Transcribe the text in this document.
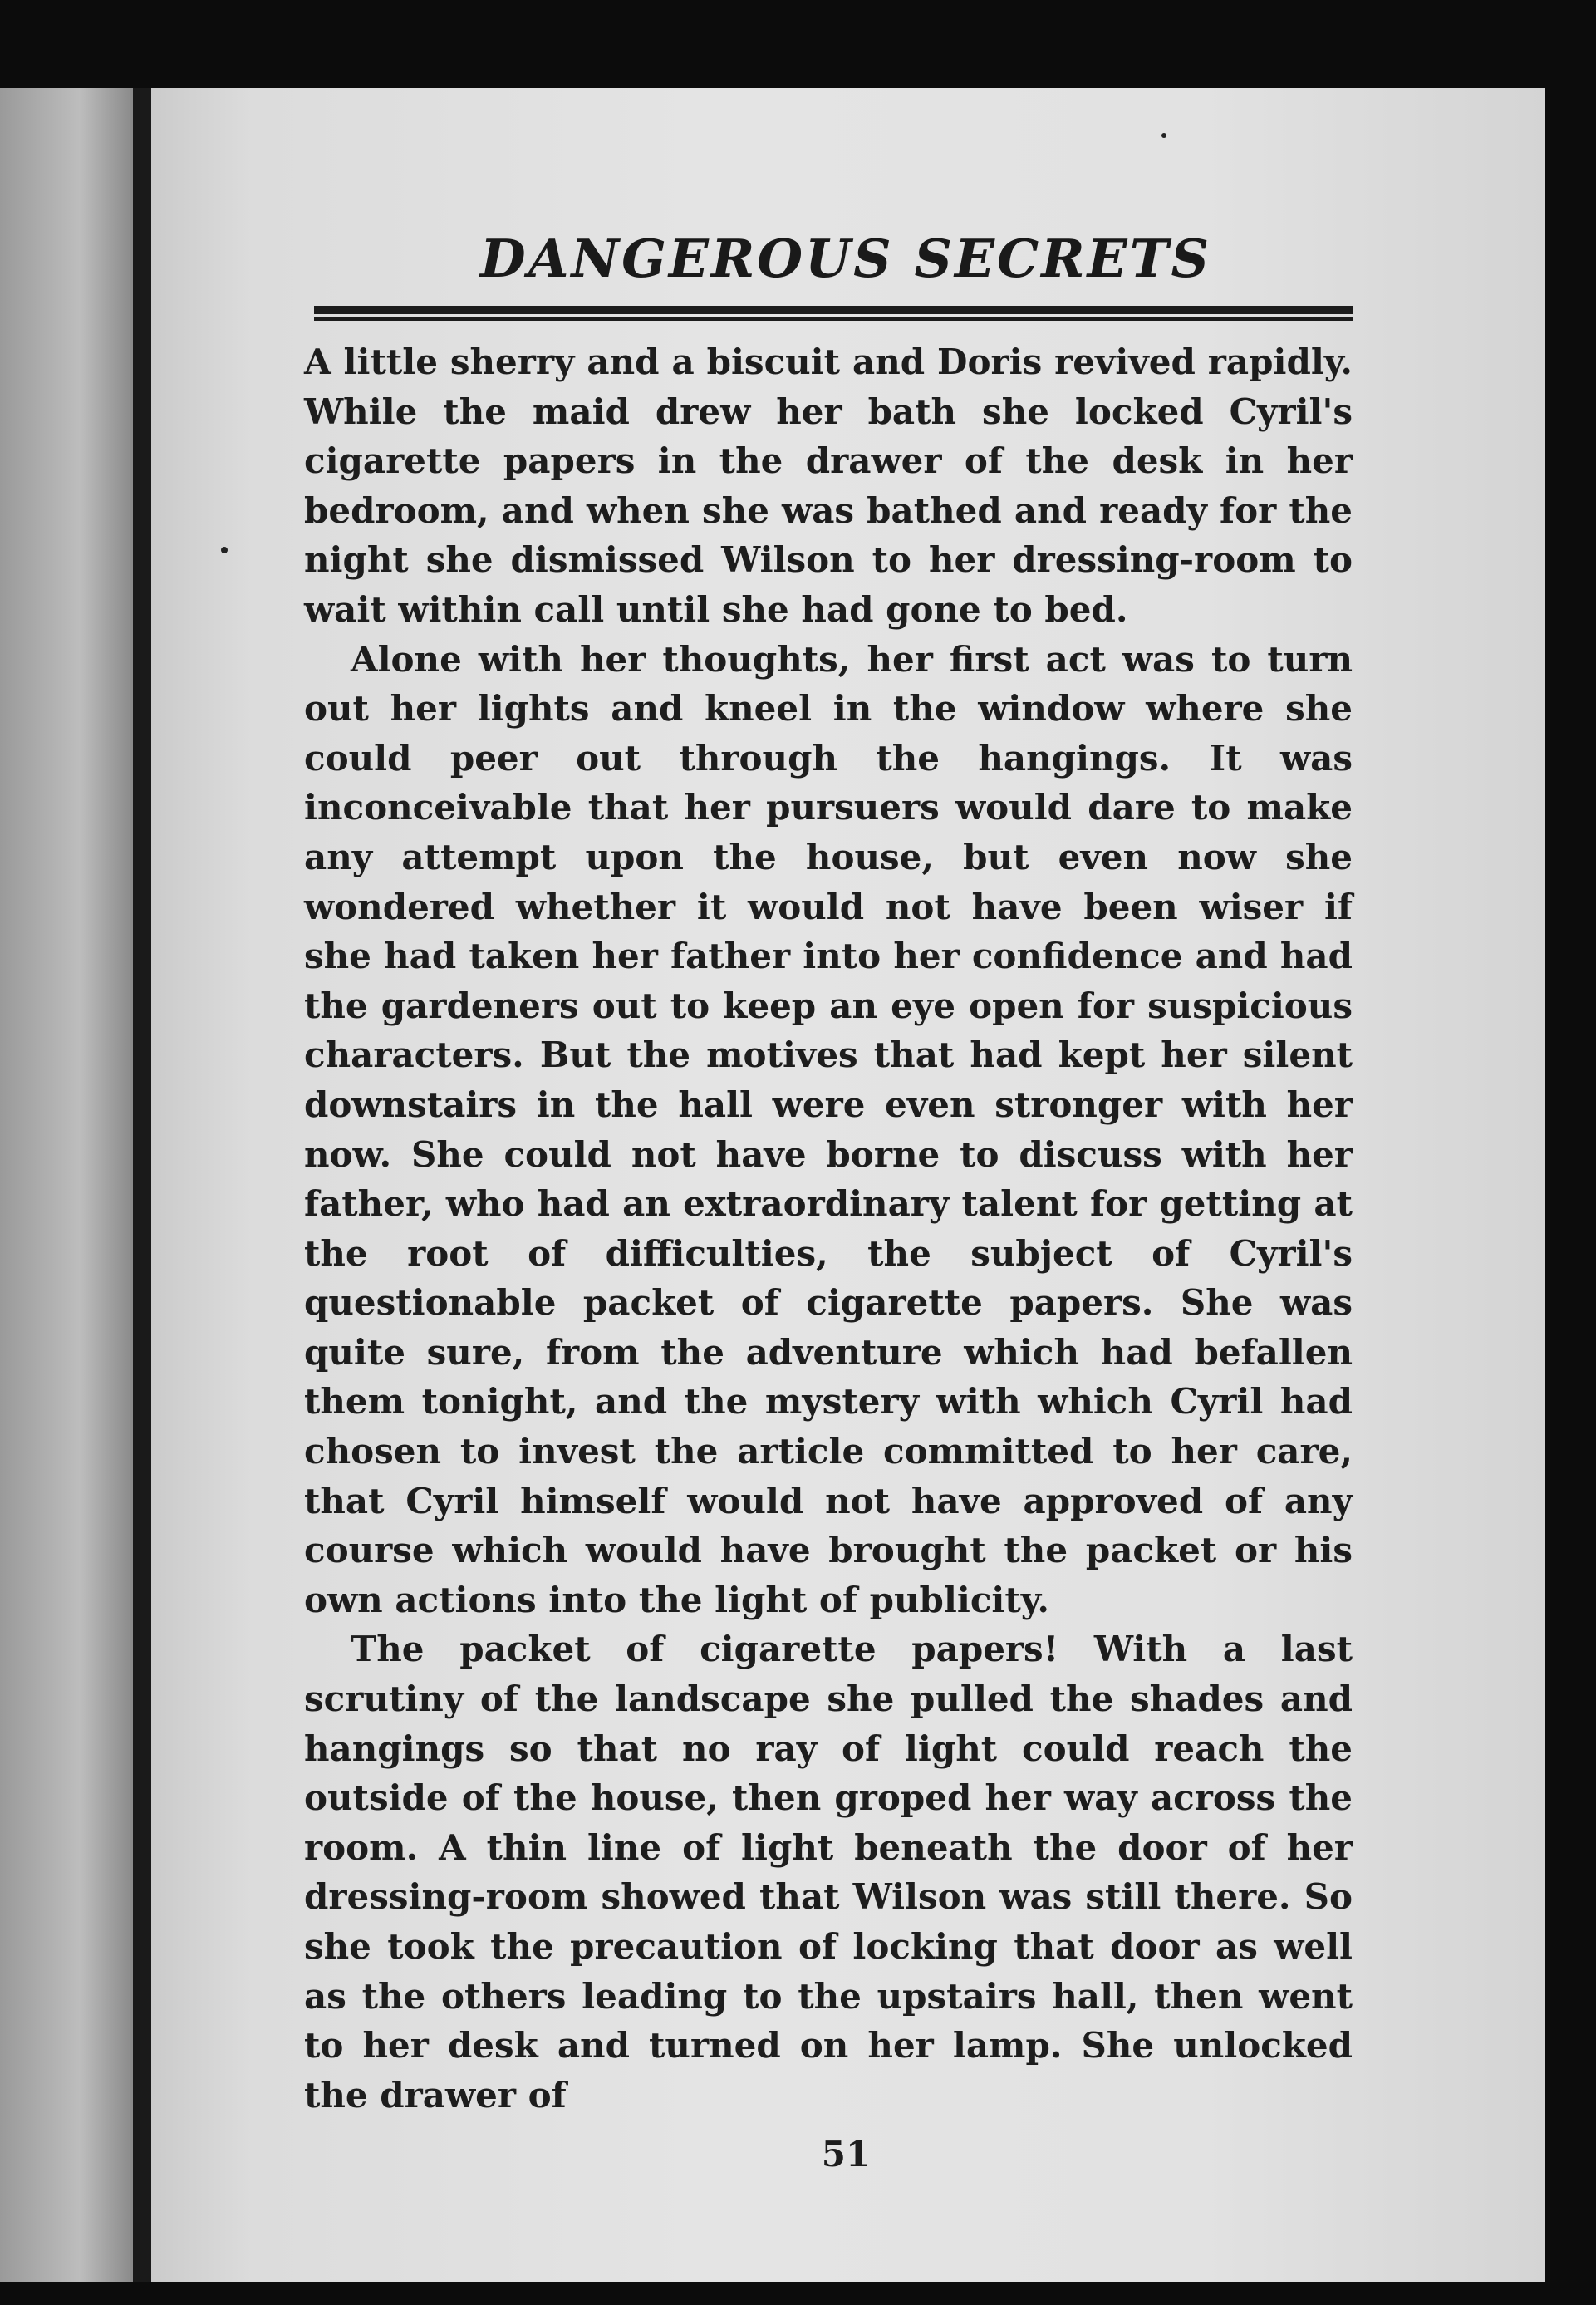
DANGEROUS SECRETS

A little sherry and a biscuit and Doris revived rapidly. While the maid drew her bath she locked Cyril's cigarette papers in the drawer of the desk in her bedroom, and when she was bathed and ready for the night she dismissed Wilson to her dressing-room to wait within call until she had gone to bed.

Alone with her thoughts, her first act was to turn out her lights and kneel in the window where she could peer out through the hangings. It was inconceivable that her pursuers would dare to make any attempt upon the house, but even now she wondered whether it would not have been wiser if she had taken her father into her confidence and had the gardeners out to keep an eye open for suspicious characters. But the motives that had kept her silent downstairs in the hall were even stronger with her now. She could not have borne to discuss with her father, who had an extraordinary talent for getting at the root of difficulties, the subject of Cyril's questionable packet of cigarette papers. She was quite sure, from the adventure which had befallen them tonight, and the mystery with which Cyril had chosen to invest the article committed to her care, that Cyril himself would not have approved of any course which would have brought the packet or his own actions into the light of publicity.

The packet of cigarette papers! With a last scrutiny of the landscape she pulled the shades and hangings so that no ray of light could reach the outside of the house, then groped her way across the room. A thin line of light beneath the door of her dressing-room showed that Wilson was still there. So she took the precaution of locking that door as well as the others leading to the upstairs hall, then went to her desk and turned on her lamp. She unlocked the drawer of

51
